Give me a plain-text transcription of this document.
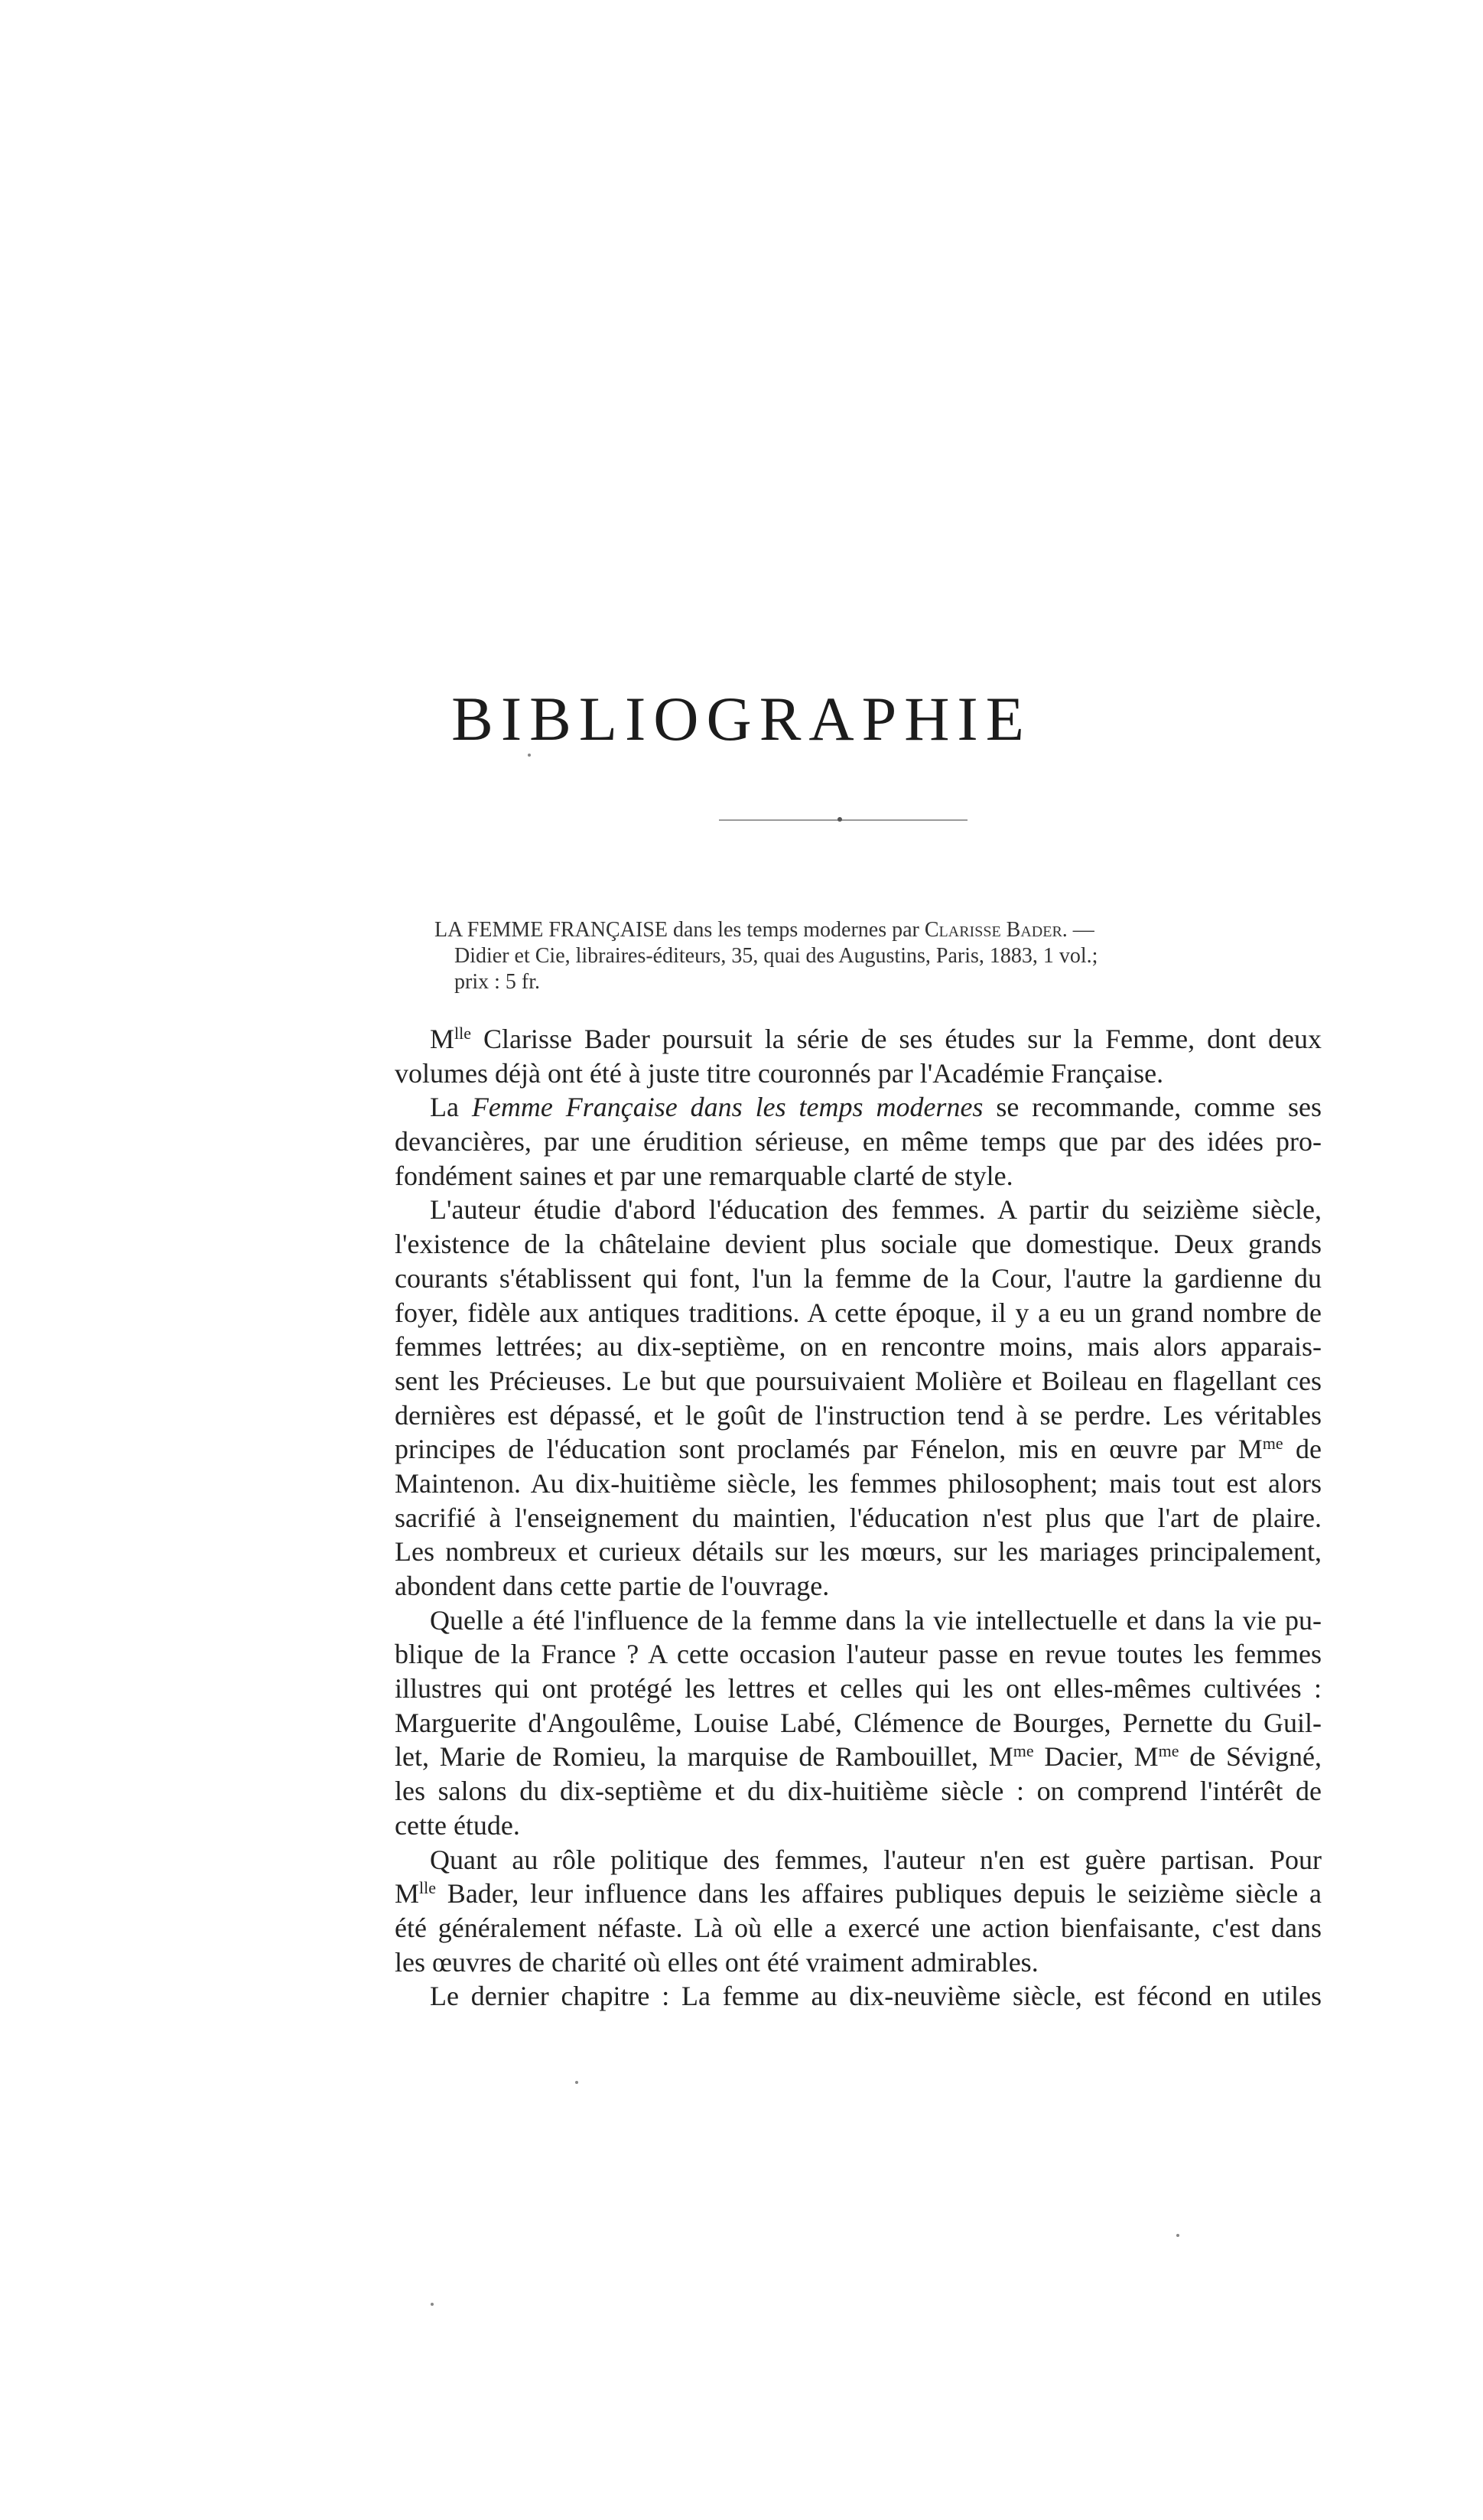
BIBLIOGRAPHIE
LA FEMME FRANÇAISE dans les temps modernes par Clarisse Bader. —
Didier et Cie, libraires-éditeurs, 35, quai des Augustins, Paris, 1883, 1 vol.;
prix : 5 fr.

$M^{lle}$ Clarisse Bader poursuit la série de ses études sur la Femme, dont deux
volumes déjà ont été à juste titre couronnés par l'Académie Française.

La Femme Française dans les temps modernes se recommande, comme ses
devancières, par une érudition sérieuse, en même temps que par des idées pro-
fondément saines et par une remarquable clarté de style.

L'auteur étudie d'abord l'éducation des femmes. A partir du seizième siècle,
l'existence de la châtelaine devient plus sociale que domestique. Deux grands
courants s'établissent qui font, l'un la femme de la Cour, l'autre la gardienne du
foyer, fidèle aux antiques traditions. A cette époque, il y a eu un grand nombre de
femmes lettrées; au dix-septième, on en rencontre moins, mais alors apparais-
sent les Précieuses. Le but que poursuivaient Molière et Boileau en flagellant ces
dernières est dépassé, et le goût de l'instruction tend à se perdre. Les véritables
principes de l'éducation sont proclamés par Fénelon, mis en œuvre par $M^{me}$ de
Maintenon. Au dix-huitième siècle, les femmes philosophent; mais tout est alors
sacrifié à l'enseignement du maintien, l'éducation n'est plus que l'art de plaire.
Les nombreux et curieux détails sur les mœurs, sur les mariages principalement,
abondent dans cette partie de l'ouvrage.

Quelle a été l'influence de la femme dans la vie intellectuelle et dans la vie pu-
blique de la France ? A cette occasion l'auteur passe en revue toutes les femmes
illustres qui ont protégé les lettres et celles qui les ont elles-mêmes cultivées :
Marguerite d'Angoulême, Louise Labé, Clémence de Bourges, Pernette du Guil-
let, Marie de Romieu, la marquise de Rambouillet, $M^{me}$ Dacier, $M^{me}$ de Sévigné,
les salons du dix-septième et du dix-huitième siècle : on comprend l'intérêt de
cette étude.

Quant au rôle politique des femmes, l'auteur n'en est guère partisan. Pour
$M^{lle}$ Bader, leur influence dans les affaires publiques depuis le seizième siècle a
été généralement néfaste. Là où elle a exercé une action bienfaisante, c'est dans
les œuvres de charité où elles ont été vraiment admirables.

Le dernier chapitre : La femme au dix-neuvième siècle, est fécond en utiles
